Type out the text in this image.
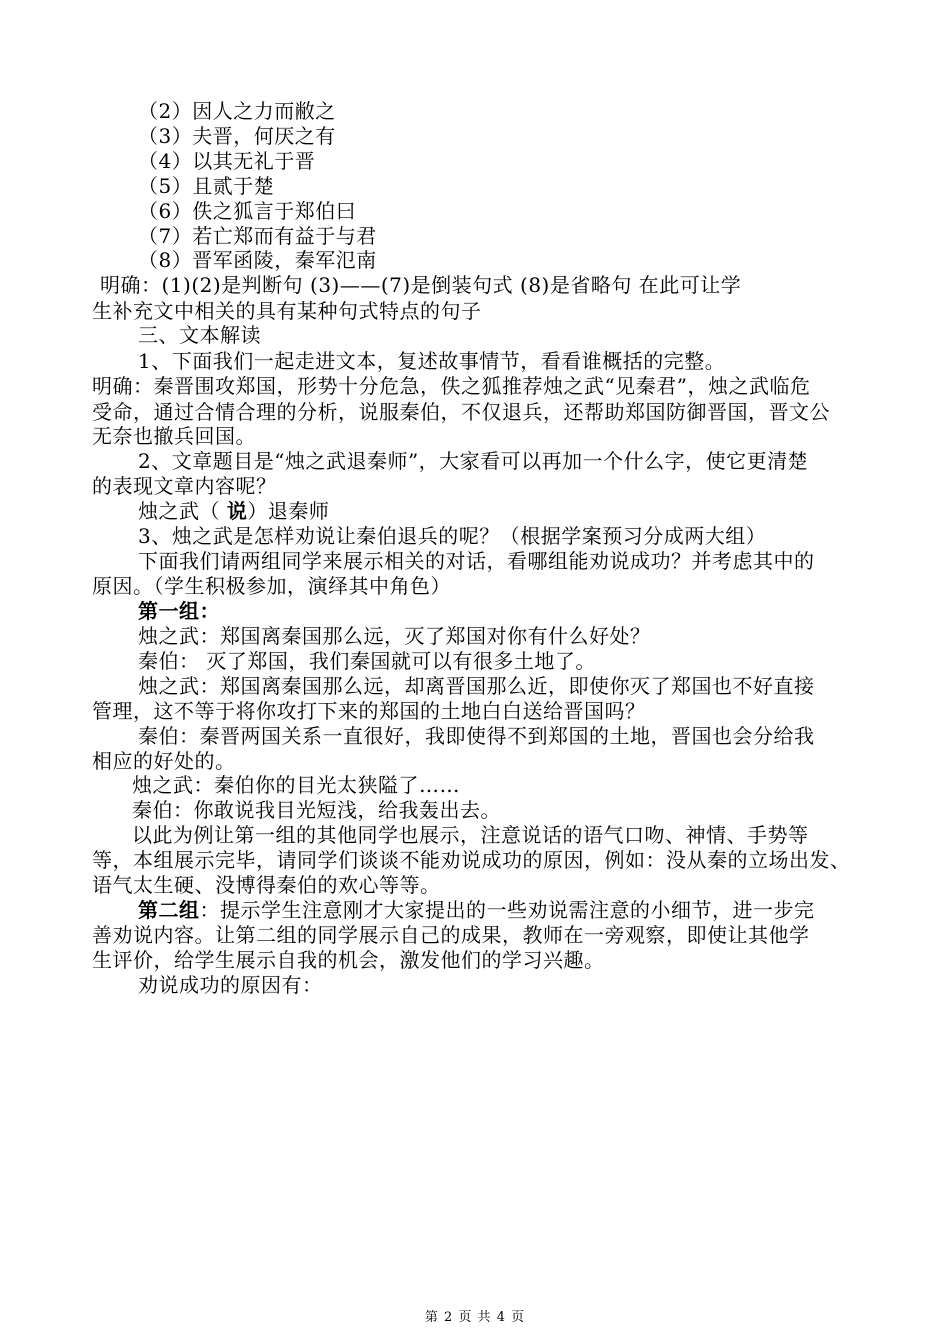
（2）因人之力而敝之
（3）夫晋，何厌之有
（4）以其无礼于晋
（5）且贰于楚
（6）佚之狐言于郑伯曰
（7）若亡郑而有益于与君
（8）晋军函陵，秦军氾南
明确：(1)(2)是判断句 (3)——(7)是倒装句式 (8)是省略句 在此可让学
生补充文中相关的具有某种句式特点的句子
三、文本解读
1、下面我们一起走进文本，复述故事情节，看看谁概括的完整。
明确：秦晋围攻郑国，形势十分危急，佚之狐推荐烛之武“见秦君”，烛之武临危
受命，通过合情合理的分析，说服秦伯，不仅退兵，还帮助郑国防御晋国，晋文公
无奈也撤兵回国。
2、文章题目是“烛之武退秦师”，大家看可以再加一个什么字，使它更清楚
的表现文章内容呢？
烛之武（ 说）退秦师
3、烛之武是怎样劝说让秦伯退兵的呢？（根据学案预习分成两大组）
下面我们请两组同学来展示相关的对话，看哪组能劝说成功？并考虑其中的
原因。（学生积极参加，演绎其中角色）
第一组：
烛之武：郑国离秦国那么远，灭了郑国对你有什么好处？
秦伯： 灭了郑国，我们秦国就可以有很多土地了。
烛之武：郑国离秦国那么远，却离晋国那么近，即使你灭了郑国也不好直接
管理，这不等于将你攻打下来的郑国的土地白白送给晋国吗？
秦伯：秦晋两国关系一直很好，我即使得不到郑国的土地，晋国也会分给我
相应的好处的。
烛之武：秦伯你的目光太狭隘了……
秦伯：你敢说我目光短浅，给我轰出去。
以此为例让第一组的其他同学也展示，注意说话的语气口吻、神情、手势等
等，本组展示完毕，请同学们谈谈不能劝说成功的原因，例如：没从秦的立场出发、
语气太生硬、没博得秦伯的欢心等等。
第二组：提示学生注意刚才大家提出的一些劝说需注意的小细节，进一步完
善劝说内容。让第二组的同学展示自己的成果，教师在一旁观察，即使让其他学
生评价，给学生展示自我的机会，激发他们的学习兴趣。
劝说成功的原因有：
第 2 页 共 4 页
